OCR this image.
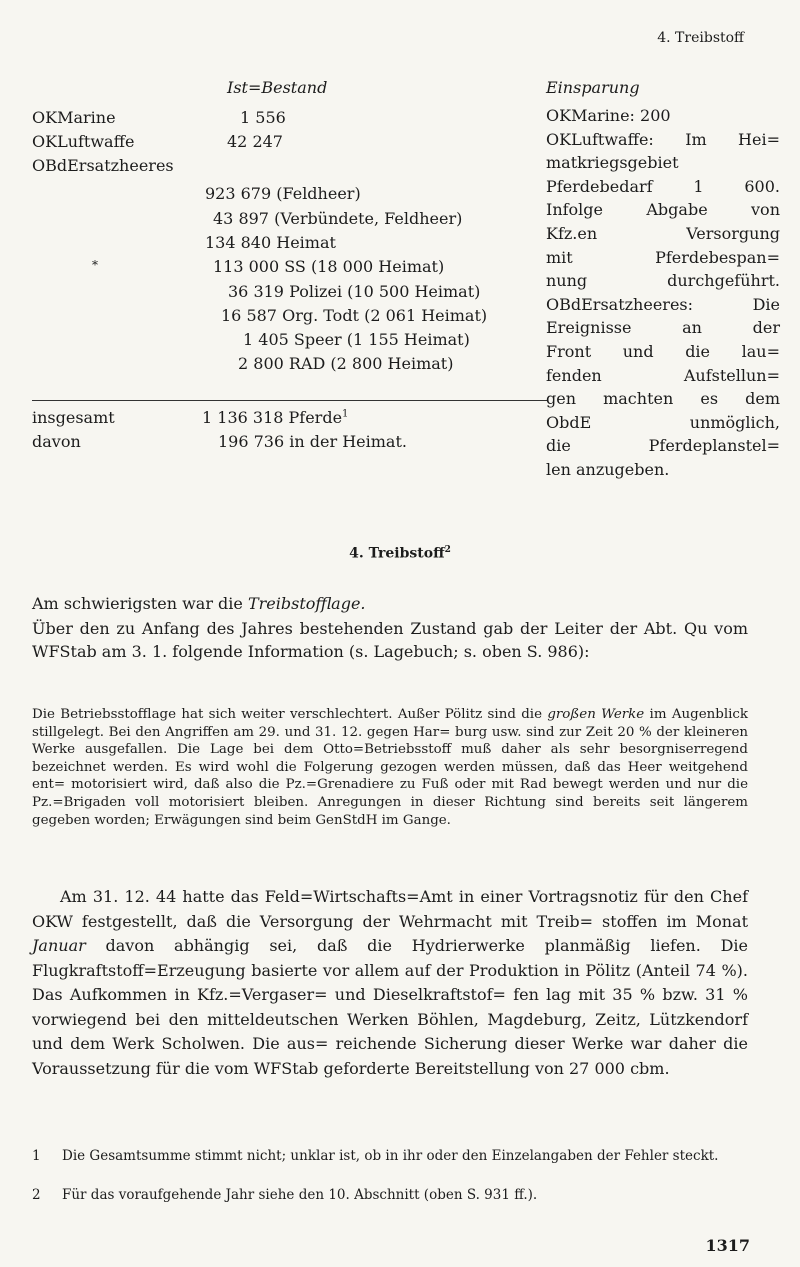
4. Treibstoff
Ist=Bestand
OKMarine	1 556
OKLuftwaffe	42 247
OBdErsatzheeres
923 679 (Feldheer)
43 897 (Verbündete, Feldheer)
134 840 Heimat
*	113 000 SS (18 000 Heimat)
36 319 Polizei (10 500 Heimat)
16 587 Org. Todt (2 061 Heimat)
1 405 Speer (1 155 Heimat)
2 800 RAD (2 800 Heimat)
insgesamt	1 136 318 Pferde$^1$
davon	196 736 in der Heimat.
Einsparung
OKMarine: 200
OKLuftwaffe: Im Hei=
matkriegsgebiet
Pferdebedarf 1 600.
Infolge Abgabe von
Kfz.en Versorgung
mit Pferdebespan=
nung durchgeführt.
OBdErsatzheeres: Die
Ereignisse an der
Front und die lau=
fenden Aufstellun=
gen machten es dem
ObdE unmöglich,
die Pferdeplanstel=
len anzugeben.
4. Treibstoff$^2$
Am schwierigsten war die Treibstofflage.
Über den zu Anfang des Jahres bestehenden Zustand gab der Leiter der Abt. Qu vom WFStab am 3. 1. folgende Information (s. Lagebuch; s. oben S. 986):
Die Betriebsstofflage hat sich weiter verschlechtert. Außer Pölitz sind die großen Werke im Augenblick stillgelegt. Bei den Angriffen am 29. und 31. 12. gegen Har= burg usw. sind zur Zeit 20 % der kleineren Werke ausgefallen. Die Lage bei dem Otto=Betriebsstoff muß daher als sehr besorgniserregend bezeichnet werden. Es wird wohl die Folgerung gezogen werden müssen, daß das Heer weitgehend ent= motorisiert wird, daß also die Pz.=Grenadiere zu Fuß oder mit Rad bewegt werden und nur die Pz.=Brigaden voll motorisiert bleiben. Anregungen in dieser Richtung sind bereits seit längerem gegeben worden; Erwägungen sind beim GenStdH im Gange.
Am 31. 12. 44 hatte das Feld=Wirtschafts=Amt in einer Vortragsnotiz für den Chef OKW festgestellt, daß die Versorgung der Wehrmacht mit Treib= stoffen im Monat Januar davon abhängig sei, daß die Hydrierwerke planmäßig liefen. Die Flugkraftstoff=Erzeugung basierte vor allem auf der Produktion in Pölitz (Anteil 74 %). Das Aufkommen in Kfz.=Vergaser= und Dieselkraftstof= fen lag mit 35 % bzw. 31 % vorwiegend bei den mitteldeutschen Werken Böhlen, Magdeburg, Zeitz, Lützkendorf und dem Werk Scholwen. Die aus= reichende Sicherung dieser Werke war daher die Voraussetzung für die vom WFStab geforderte Bereitstellung von 27 000 cbm.
1 Die Gesamtsumme stimmt nicht; unklar ist, ob in ihr oder den Einzelangaben der Fehler steckt.
2 Für das voraufgehende Jahr siehe den 10. Abschnitt (oben S. 931 ff.).
1317
